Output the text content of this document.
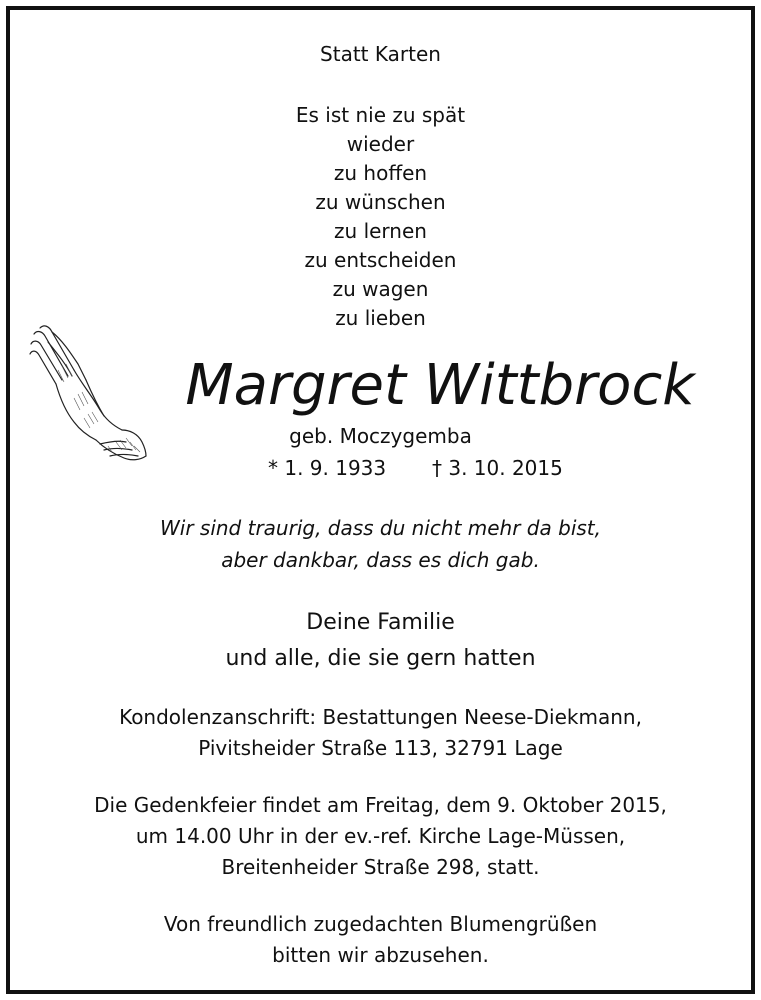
Statt Karten
Es ist nie zu spät
wieder
zu hoffen
zu wünschen
zu lernen
zu entscheiden
zu wagen
zu lieben
Margret Wittbrock
geb. Moczygemba
* 1. 9. 1933 † 3. 10. 2015
Wir sind traurig, dass du nicht mehr da bist,
aber dankbar, dass es dich gab.
Deine Familie
und alle, die sie gern hatten
Kondolenzanschrift: Bestattungen Neese-Diekmann,
Pivitsheider Straße 113, 32791 Lage
Die Gedenkfeier findet am Freitag, dem 9. Oktober 2015,
um 14.00 Uhr in der ev.-ref. Kirche Lage-Müssen,
Breitenheider Straße 298, statt.
Von freundlich zugedachten Blumengrüßen
bitten wir abzusehen.
